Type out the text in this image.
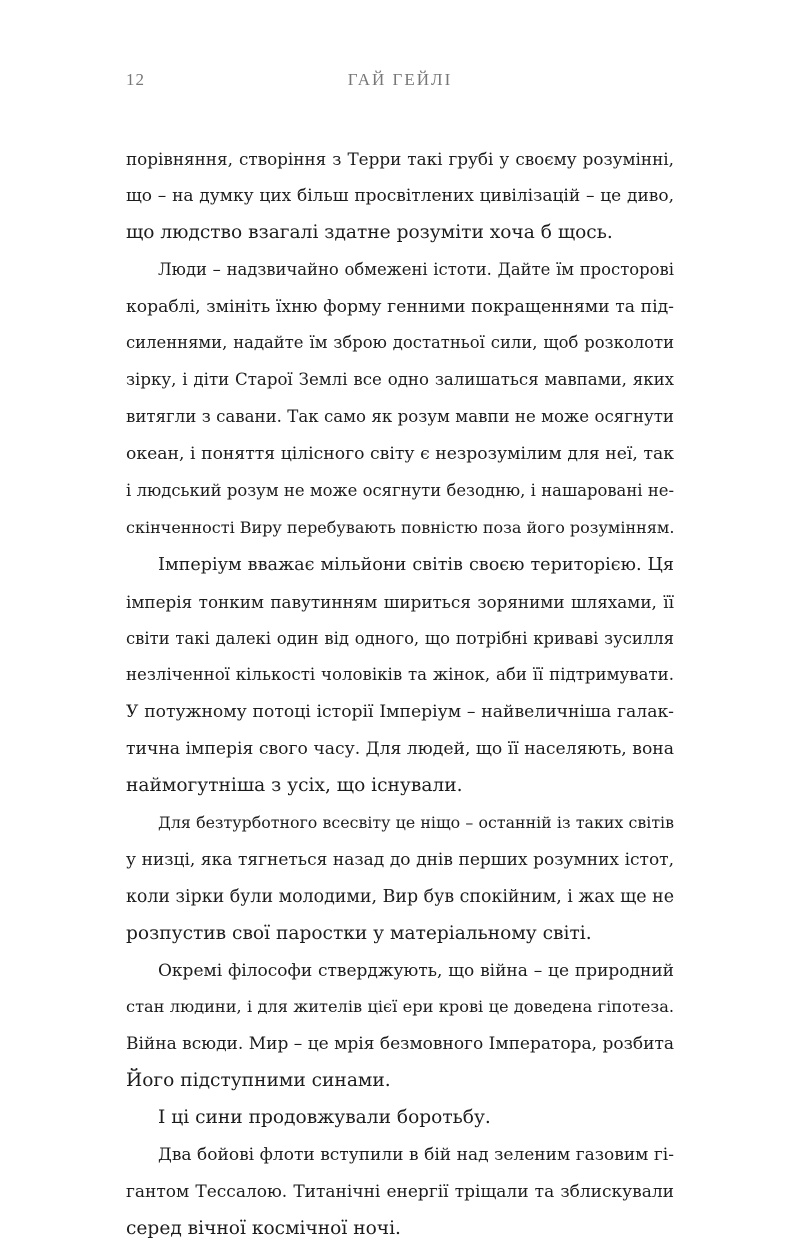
12	ГАЙ ГЕЙЛІ
порівняння, створіння з Терри такі грубі у своєму розумінні,
що – на думку цих більш просвітлених цивілізацій – це диво,
що людство взагалі здатне розуміти хоча б щось.
Люди – надзвичайно обмежені істоти. Дайте їм просторові
кораблі, змініть їхню форму генними покращеннями та під-
силеннями, надайте їм зброю достатньої сили, щоб розколоти
зірку, і діти Старої Землі все одно залишаться мавпами, яких
витягли з савани. Так само як розум мавпи не може осягнути
океан, і поняття цілісного світу є незрозумілим для неї, так
і людський розум не може осягнути безодню, і нашаровані не-
скінченності Виру перебувають повністю поза його розумінням.
Імперіум вважає мільйони світів своєю територією. Ця
імперія тонким павутинням шириться зоряними шляхами, її
світи такі далекі один від одного, що потрібні криваві зусилля
незліченної кількості чоловіків та жінок, аби її підтримувати.
У потужному потоці історії Імперіум – найвеличніша галак-
тична імперія свого часу. Для людей, що її населяють, вона
наймогутніша з усіх, що існували.
Для безтурботного всесвіту це ніщо – останній із таких світів
у низці, яка тягнеться назад до днів перших розумних істот,
коли зірки були молодими, Вир був спокійним, і жах ще не
розпустив свої паростки у матеріальному світі.
Окремі філософи стверджують, що війна – це природний
стан людини, і для жителів цієї ери крові це доведена гіпотеза.
Війна всюди. Мир – це мрія безмовного Імператора, розбита
Його підступними синами.
І ці сини продовжували боротьбу.
Два бойові флоти вступили в бій над зеленим газовим гі-
гантом Тессалою. Титанічні енергії тріщали та зблискували
серед вічної космічної ночі.
